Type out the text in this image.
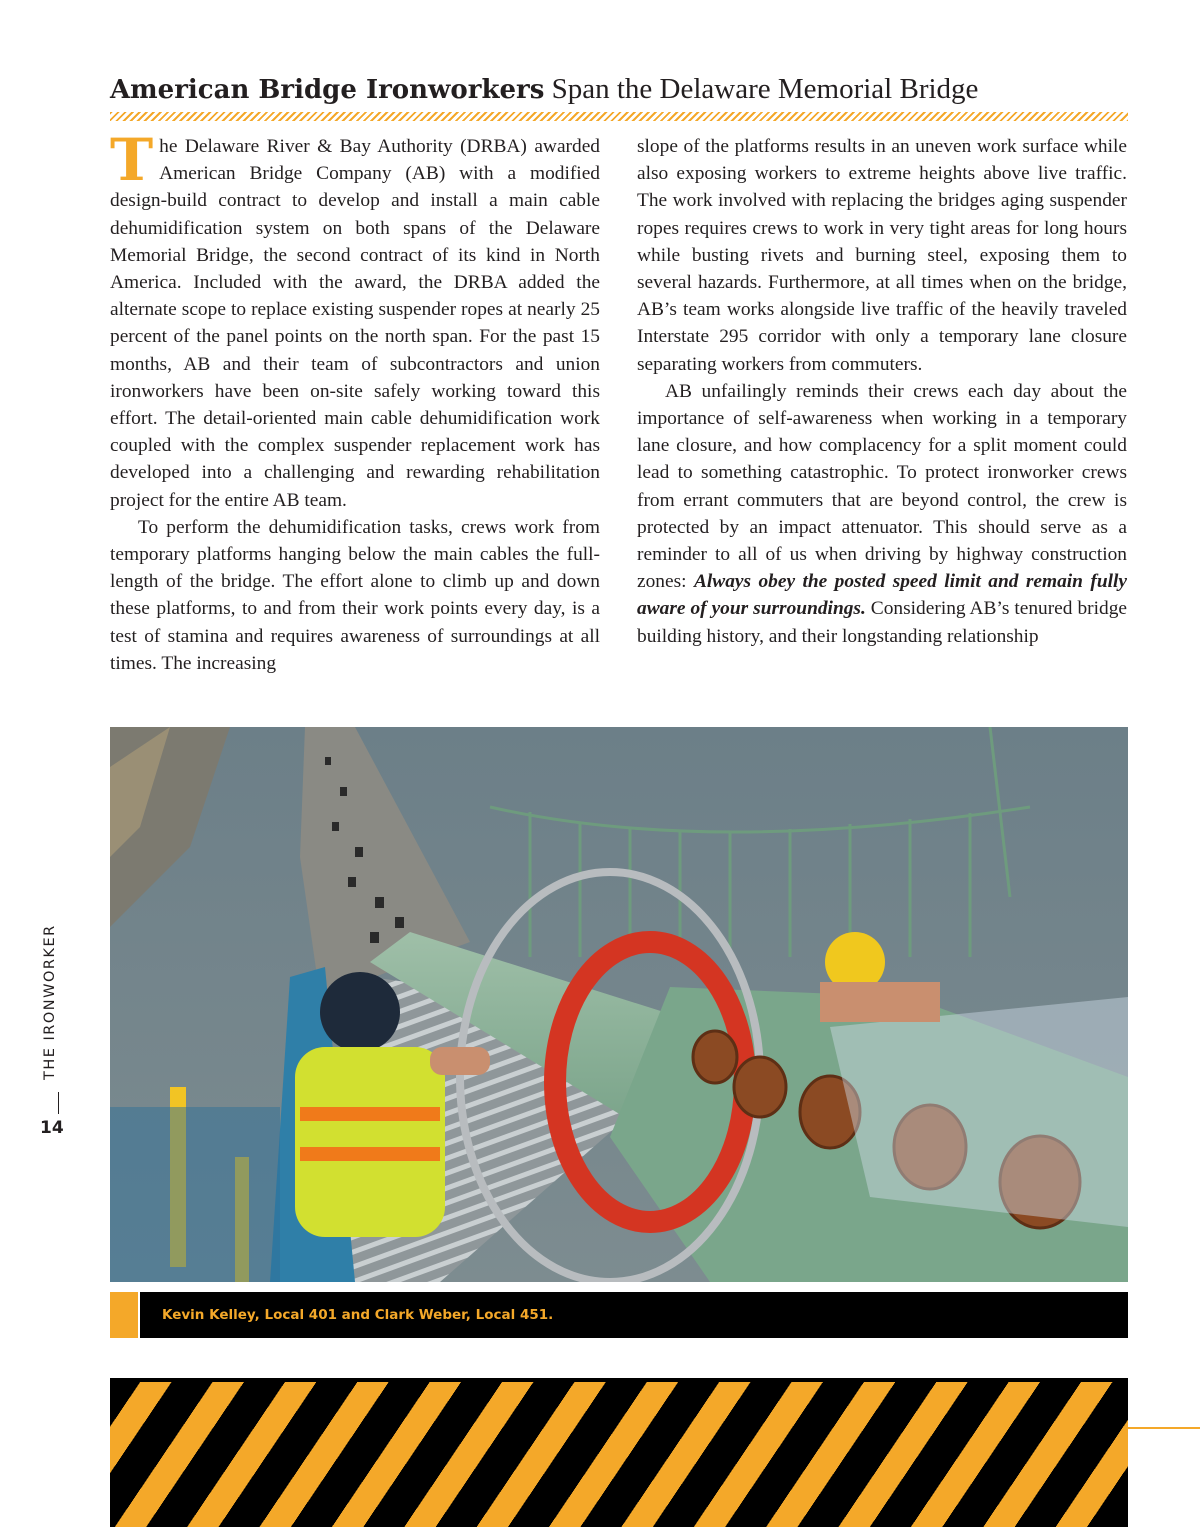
American Bridge Ironworkers Span the Delaware Memorial Bridge

The Delaware River & Bay Authority (DRBA) awarded American Bridge Company (AB) with a modified design-build contract to develop and install a main cable dehumidification system on both spans of the Delaware Memorial Bridge, the second contract of its kind in North America. Included with the award, the DRBA added the alternate scope to replace existing suspender ropes at nearly 25 percent of the panel points on the north span. For the past 15 months, AB and their team of subcontractors and union ironworkers have been on-site safely working toward this effort. The detail-oriented main cable dehumidification work coupled with the complex suspender replacement work has developed into a challenging and rewarding rehabilitation project for the entire AB team.

To perform the dehumidification tasks, crews work from temporary platforms hanging below the main cables the full-length of the bridge. The effort alone to climb up and down these platforms, to and from their work points every day, is a test of stamina and requires awareness of surroundings at all times. The increasing

slope of the platforms results in an uneven work surface while also exposing workers to extreme heights above live traffic. The work involved with replacing the bridges aging suspender ropes requires crews to work in very tight areas for long hours while busting rivets and burning steel, exposing them to several hazards. Furthermore, at all times when on the bridge, AB’s team works alongside live traffic of the heavily traveled Interstate 295 corridor with only a temporary lane closure separating workers from commuters.

AB unfailingly reminds their crews each day about the importance of self-awareness when working in a temporary lane closure, and how complacency for a split moment could lead to something catastrophic. To protect ironworker crews from errant commuters that are beyond control, the crew is protected by an impact attenuator. This should serve as a reminder to all of us when driving by highway construction zones: Always obey the posted speed limit and remain fully aware of your surroundings. Considering AB’s tenured bridge building history, and their longstanding relationship

Kevin Kelley, Local 401 and Clark Weber, Local 451.
THE IRONWORKER
14
